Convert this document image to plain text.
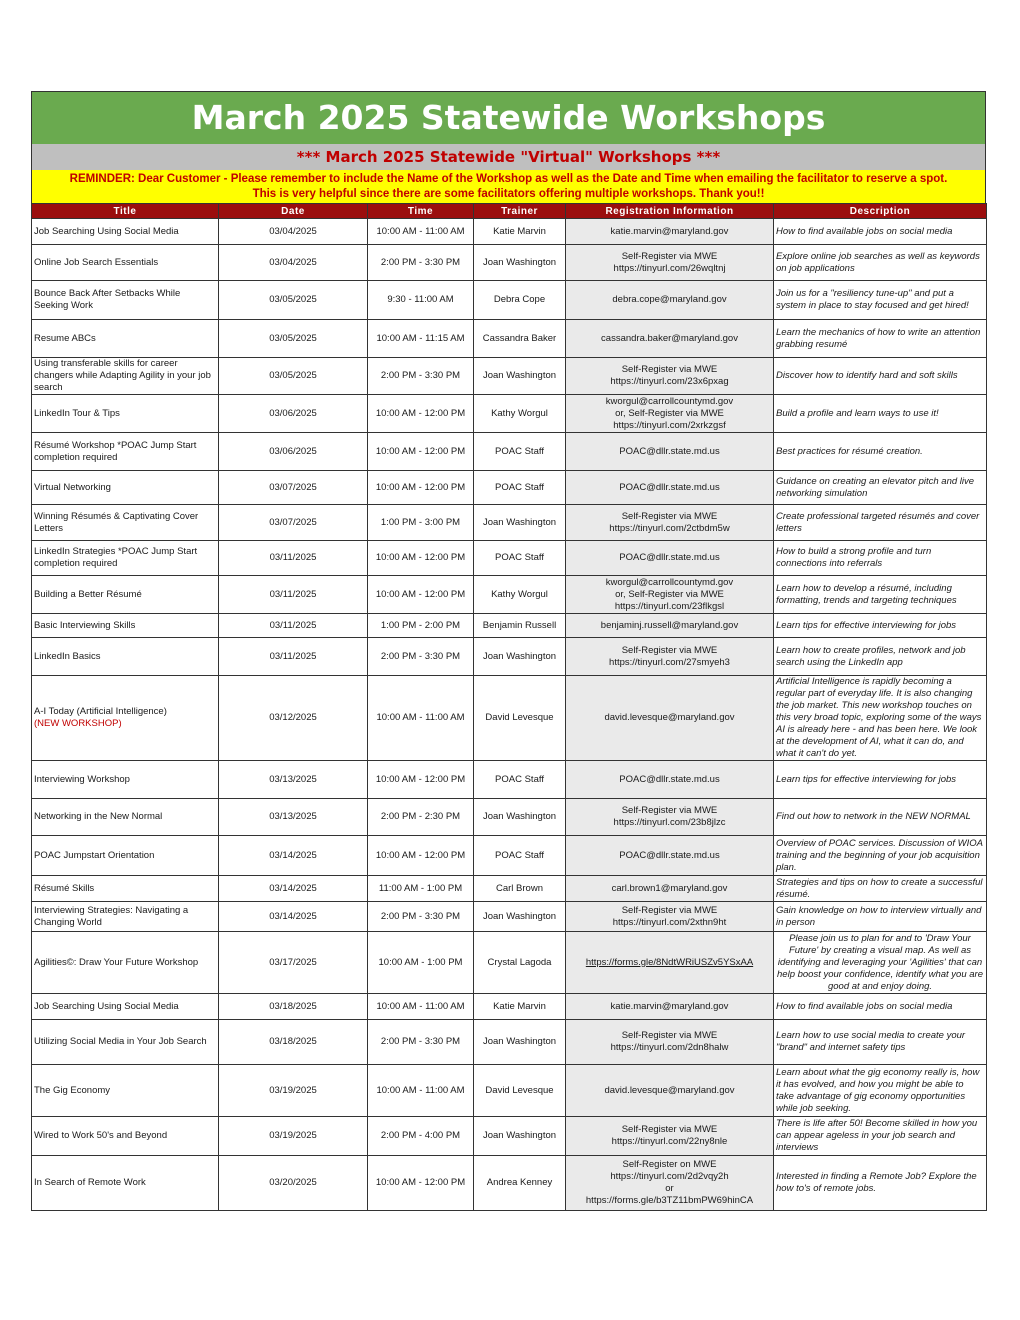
March 2025 Statewide Workshops
*** March 2025 Statewide "Virtual" Workshops ***
REMINDER: Dear Customer - Please remember to include the Name of the Workshop as well as the Date and Time when emailing the facilitator to reserve a spot.
This is very helpful since there are some facilitators offering multiple workshops. Thank you!!
Title	Date	Time	Trainer	Registration Information	Description
Job Searching Using Social Media	03/04/2025	10:00 AM - 11:00 AM	Katie Marvin	katie.marvin@maryland.gov	How to find available jobs on social media
Online Job Search Essentials	03/04/2025	2:00 PM - 3:30 PM	Joan Washington	Self-Register via MWE
https://tinyurl.com/26wqltnj	Explore online job searches as well as keywords on job applications
Bounce Back After Setbacks While Seeking Work	03/05/2025	9:30 - 11:00 AM	Debra Cope	debra.cope@maryland.gov	Join us for a "resiliency tune-up" and put a system in place to stay focused and get hired!
Resume ABCs	03/05/2025	10:00 AM - 11:15 AM	Cassandra Baker	cassandra.baker@maryland.gov	Learn the mechanics of how to write an attention grabbing resumé
Using transferable skills for career changers while Adapting Agility in your job search	03/05/2025	2:00 PM - 3:30 PM	Joan Washington	Self-Register via MWE
https://tinyurl.com/23x6pxag	Discover how to identify hard and soft skills
LinkedIn Tour & Tips	03/06/2025	10:00 AM - 12:00 PM	Kathy Worgul	kworgul@carrollcountymd.gov
or, Self-Register via MWE
https://tinyurl.com/2xrkzgsf	Build a profile and learn ways to use it!
Résumé Workshop *POAC Jump Start completion required	03/06/2025	10:00 AM - 12:00 PM	POAC Staff	POAC@dllr.state.md.us	Best practices for résumé creation.
Virtual Networking	03/07/2025	10:00 AM - 12:00 PM	POAC Staff	POAC@dllr.state.md.us	Guidance on creating an elevator pitch and live networking simulation
Winning Résumés & Captivating Cover Letters	03/07/2025	1:00 PM - 3:00 PM	Joan Washington	Self-Register via MWE
https://tinyurl.com/2ctbdm5w	Create professional targeted résumés and cover letters
LinkedIn Strategies *POAC Jump Start completion required	03/11/2025	10:00 AM - 12:00 PM	POAC Staff	POAC@dllr.state.md.us	How to build a strong profile and turn connections into referrals
Building a Better Résumé	03/11/2025	10:00 AM - 12:00 PM	Kathy Worgul	kworgul@carrollcountymd.gov
or, Self-Register via MWE
https://tinyurl.com/23flkgsl	Learn how to develop a résumé, including formatting, trends and targeting techniques
Basic Interviewing Skills	03/11/2025	1:00 PM - 2:00 PM	Benjamin Russell	benjaminj.russell@maryland.gov	Learn tips for effective interviewing for jobs
LinkedIn Basics	03/11/2025	2:00 PM - 3:30 PM	Joan Washington	Self-Register via MWE
https://tinyurl.com/27smyeh3	Learn how to create profiles, network and job search using the LinkedIn app
A-I Today (Artificial Intelligence)
(NEW WORKSHOP)	03/12/2025	10:00 AM - 11:00 AM	David Levesque	david.levesque@maryland.gov	Artificial Intelligence is rapidly becoming a regular part of everyday life. It is also changing the job market. This new workshop touches on this very broad topic, exploring some of the ways AI is already here - and has been here. We look at the development of AI, what it can do, and what it can't do yet.
Interviewing Workshop	03/13/2025	10:00 AM - 12:00 PM	POAC Staff	POAC@dllr.state.md.us	Learn tips for effective interviewing for jobs
Networking in the New Normal	03/13/2025	2:00 PM - 2:30 PM	Joan Washington	Self-Register via MWE
https://tinyurl.com/23b8jlzc	Find out how to network in the NEW NORMAL
POAC Jumpstart Orientation	03/14/2025	10:00 AM - 12:00 PM	POAC Staff	POAC@dllr.state.md.us	Overview of POAC services. Discussion of WIOA training and the beginning of your job acquisition plan.
Résumé Skills	03/14/2025	11:00 AM - 1:00 PM	Carl Brown	carl.brown1@maryland.gov	Strategies and tips on how to create a successful résumé.
Interviewing Strategies: Navigating a Changing World	03/14/2025	2:00 PM - 3:30 PM	Joan Washington	Self-Register via MWE
https://tinyurl.com/2xthn9ht	Gain knowledge on how to interview virtually and in person
Agilities©: Draw Your Future Workshop	03/17/2025	10:00 AM - 1:00 PM	Crystal Lagoda	https://forms.gle/8NdtWRiUSZv5YSxAA	Please join us to plan for and to 'Draw Your Future' by creating a visual map. As well as identifying and leveraging your 'Agilities' that can help boost your confidence, identify what you are good at and enjoy doing.
Job Searching Using Social Media	03/18/2025	10:00 AM - 11:00 AM	Katie Marvin	katie.marvin@maryland.gov	How to find available jobs on social media
Utilizing Social Media in Your Job Search	03/18/2025	2:00 PM - 3:30 PM	Joan Washington	Self-Register via MWE
https://tinyurl.com/2dn8halw	Learn how to use social media to create your "brand" and internet safety tips
The Gig Economy	03/19/2025	10:00 AM - 11:00 AM	David Levesque	david.levesque@maryland.gov	Learn about what the gig economy really is, how it has evolved, and how you might be able to take advantage of gig economy opportunities while job seeking.
Wired to Work 50's and Beyond	03/19/2025	2:00 PM - 4:00 PM	Joan Washington	Self-Register via MWE
https://tinyurl.com/22ny8nle	There is life after 50! Become skilled in how you can appear ageless in your job search and interviews
In Search of Remote Work	03/20/2025	10:00 AM - 12:00 PM	Andrea Kenney	Self-Register on MWE
https://tinyurl.com/2d2vqy2h
or
https://forms.gle/b3TZ11bmPW69hinCA	Interested in finding a Remote Job? Explore the how to's of remote jobs.
